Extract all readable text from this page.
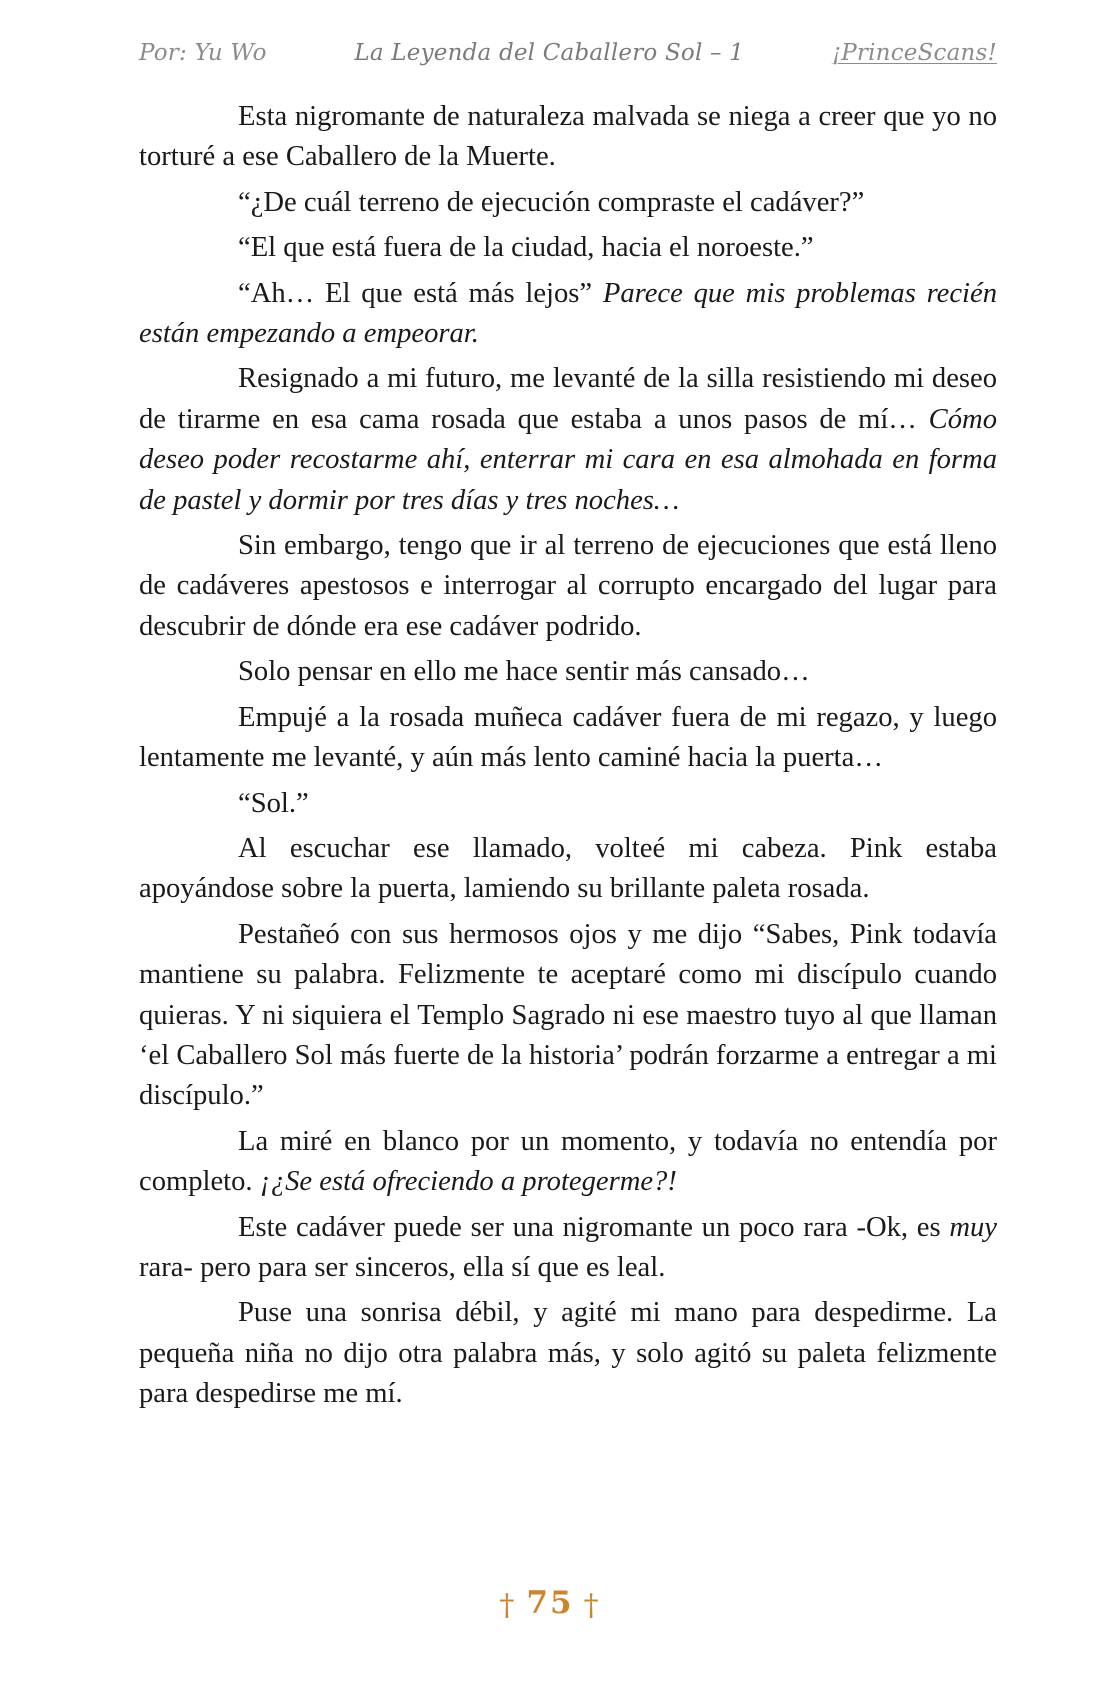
Por: Yu Wo	La Leyenda del Caballero Sol – 1	¡PrinceScans!

Esta nigromante de naturaleza malvada se niega a creer que yo no torturé a ese Caballero de la Muerte.

“¿De cuál terreno de ejecución compraste el cadáver?”

“El que está fuera de la ciudad, hacia el noroeste.”

“Ah… El que está más lejos” Parece que mis problemas recién están empezando a empeorar.

Resignado a mi futuro, me levanté de la silla resistiendo mi deseo de tirarme en esa cama rosada que estaba a unos pasos de mí… Cómo deseo poder recostarme ahí, enterrar mi cara en esa almohada en forma de pastel y dormir por tres días y tres noches…

Sin embargo, tengo que ir al terreno de ejecuciones que está lleno de cadáveres apestosos e interrogar al corrupto encargado del lugar para descubrir de dónde era ese cadáver podrido.

Solo pensar en ello me hace sentir más cansado…

Empujé a la rosada muñeca cadáver fuera de mi regazo, y luego lentamente me levanté, y aún más lento caminé hacia la puerta…

“Sol.”

Al escuchar ese llamado, volteé mi cabeza. Pink estaba apoyándose sobre la puerta, lamiendo su brillante paleta rosada.

Pestañeó con sus hermosos ojos y me dijo “Sabes, Pink todavía mantiene su palabra. Felizmente te aceptaré como mi discípulo cuando quieras. Y ni siquiera el Templo Sagrado ni ese maestro tuyo al que llaman ‘el Caballero Sol más fuerte de la historia’ podrán forzarme a entregar a mi discípulo.”

La miré en blanco por un momento, y todavía no entendía por completo. ¡¿Se está ofreciendo a protegerme?!

Este cadáver puede ser una nigromante un poco rara -Ok, es muy rara- pero para ser sinceros, ella sí que es leal.

Puse una sonrisa débil, y agité mi mano para despedirme. La pequeña niña no dijo otra palabra más, y solo agitó su paleta felizmente para despedirse me mí.

† 75 †
